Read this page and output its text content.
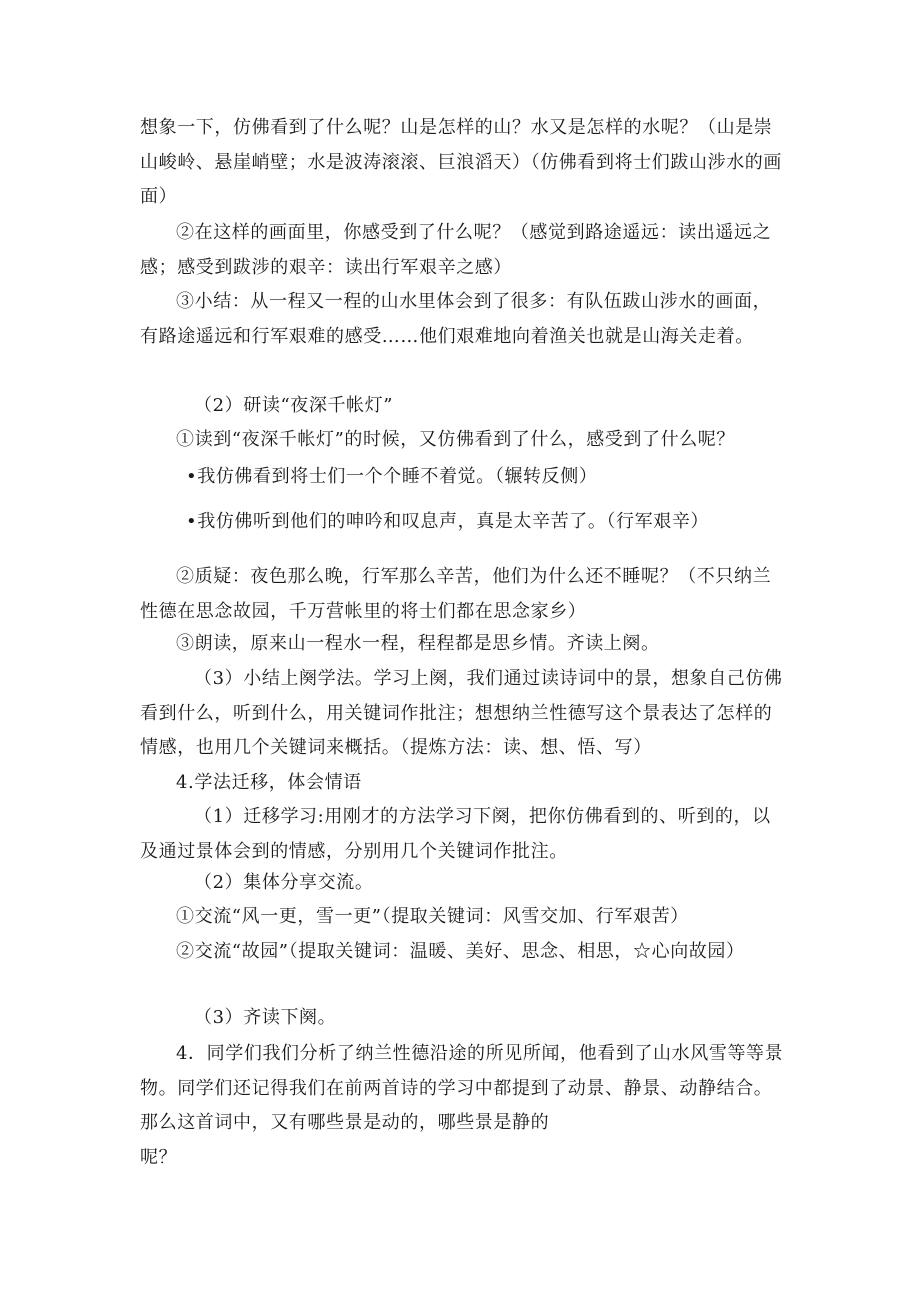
想象一下，仿佛看到了什么呢？山是怎样的山？水又是怎样的水呢？（山是崇山峻岭、悬崖峭壁；水是波涛滚滚、巨浪滔天）（仿佛看到将士们跋山涉水的画面）

②在这样的画面里，你感受到了什么呢？（感觉到路途遥远：读出遥远之感；感受到跋涉的艰辛：读出行军艰辛之感）

③小结：从一程又一程的山水里体会到了很多：有队伍跋山涉水的画面，有路途遥远和行军艰难的感受……他们艰难地向着渔关也就是山海关走着。

（2）研读“夜深千帐灯”

①读到“夜深千帐灯”的时候，又仿佛看到了什么，感受到了什么呢？

•我仿佛看到将士们一个个睡不着觉。（辗转反侧）

•我仿佛听到他们的呻吟和叹息声，真是太辛苦了。（行军艰辛）

②质疑：夜色那么晚，行军那么辛苦，他们为什么还不睡呢？（不只纳兰性德在思念故园，千万营帐里的将士们都在思念家乡）

③朗读，原来山一程水一程，程程都是思乡情。齐读上阕。

（3）小结上阕学法。学习上阕，我们通过读诗词中的景，想象自己仿佛看到什么，听到什么，用关键词作批注；想想纳兰性德写这个景表达了怎样的情感，也用几个关键词来概括。（提炼方法：读、想、悟、写）

4.学法迁移，体会情语

（1）迁移学习:用刚才的方法学习下阕，把你仿佛看到的、听到的，以及通过景体会到的情感，分别用几个关键词作批注。

（2）集体分享交流。

①交流“风一更，雪一更”（提取关键词：风雪交加、行军艰苦）

②交流“故园”（提取关键词：温暖、美好、思念、相思，☆心向故园）

（3）齐读下阕。

4．同学们我们分析了纳兰性德沿途的所见所闻，他看到了山水风雪等等景物。同学们还记得我们在前两首诗的学习中都提到了动景、静景、动静结合。那么这首词中，又有哪些景是动的，哪些景是静的

呢？
